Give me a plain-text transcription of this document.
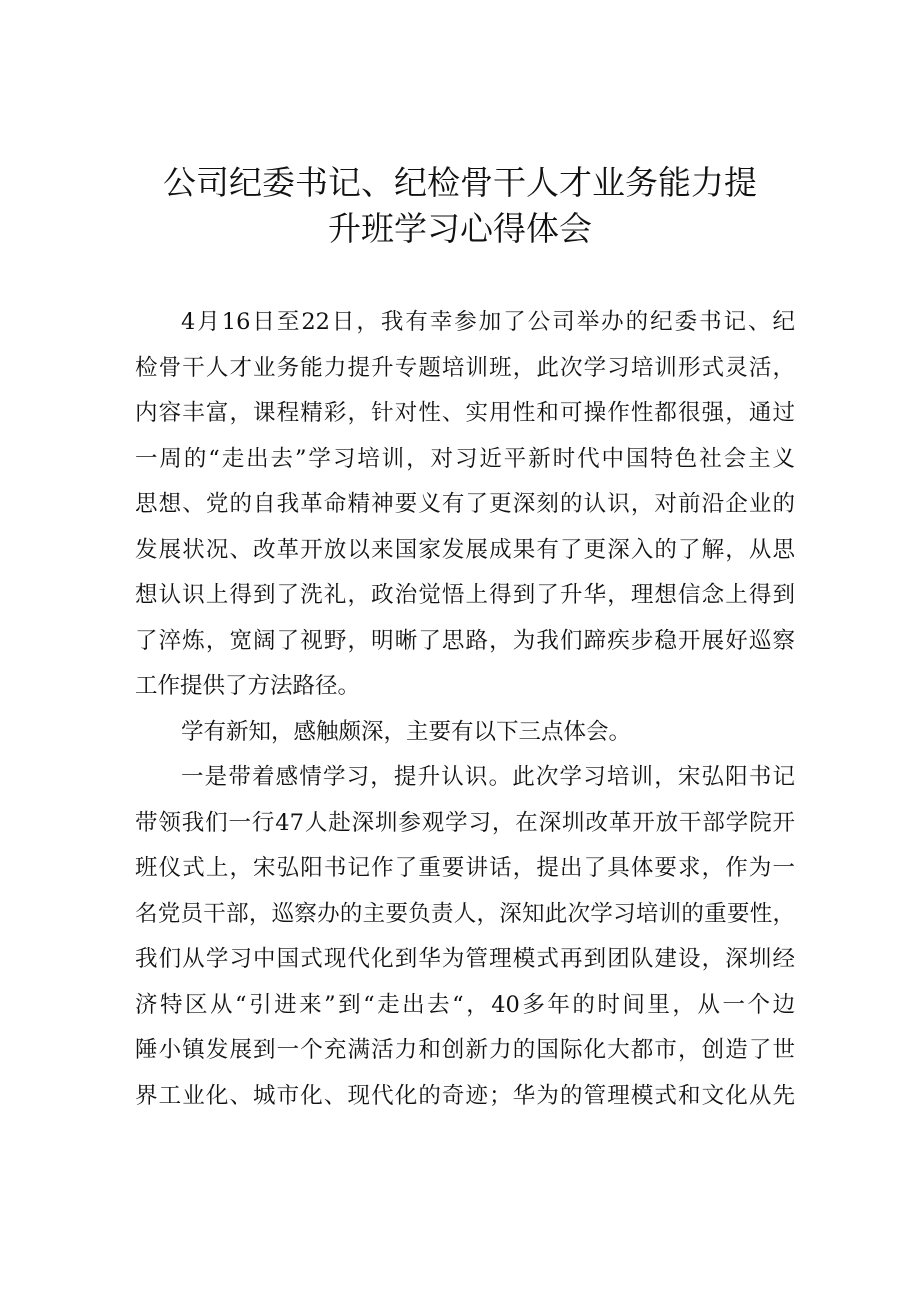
公司纪委书记、纪检骨干人才业务能力提
升班学习心得体会
4月16日至22日，我有幸参加了公司举办的纪委书记、纪
检骨干人才业务能力提升专题培训班，此次学习培训形式灵活，
内容丰富，课程精彩，针对性、实用性和可操作性都很强，通过
一周的“走出去”学习培训，对习近平新时代中国特色社会主义
思想、党的自我革命精神要义有了更深刻的认识，对前沿企业的
发展状况、改革开放以来国家发展成果有了更深入的了解，从思
想认识上得到了洗礼，政治觉悟上得到了升华，理想信念上得到
了淬炼，宽阔了视野，明晰了思路，为我们蹄疾步稳开展好巡察
工作提供了方法路径。
学有新知，感触颇深，主要有以下三点体会。
一是带着感情学习，提升认识。此次学习培训，宋弘阳书记
带领我们一行47人赴深圳参观学习，在深圳改革开放干部学院开
班仪式上，宋弘阳书记作了重要讲话，提出了具体要求，作为一
名党员干部，巡察办的主要负责人，深知此次学习培训的重要性，
我们从学习中国式现代化到华为管理模式再到团队建设，深圳经
济特区从“引进来”到“走出去“，40多年的时间里，从一个边
陲小镇发展到一个充满活力和创新力的国际化大都市，创造了世
界工业化、城市化、现代化的奇迹；华为的管理模式和文化从先
